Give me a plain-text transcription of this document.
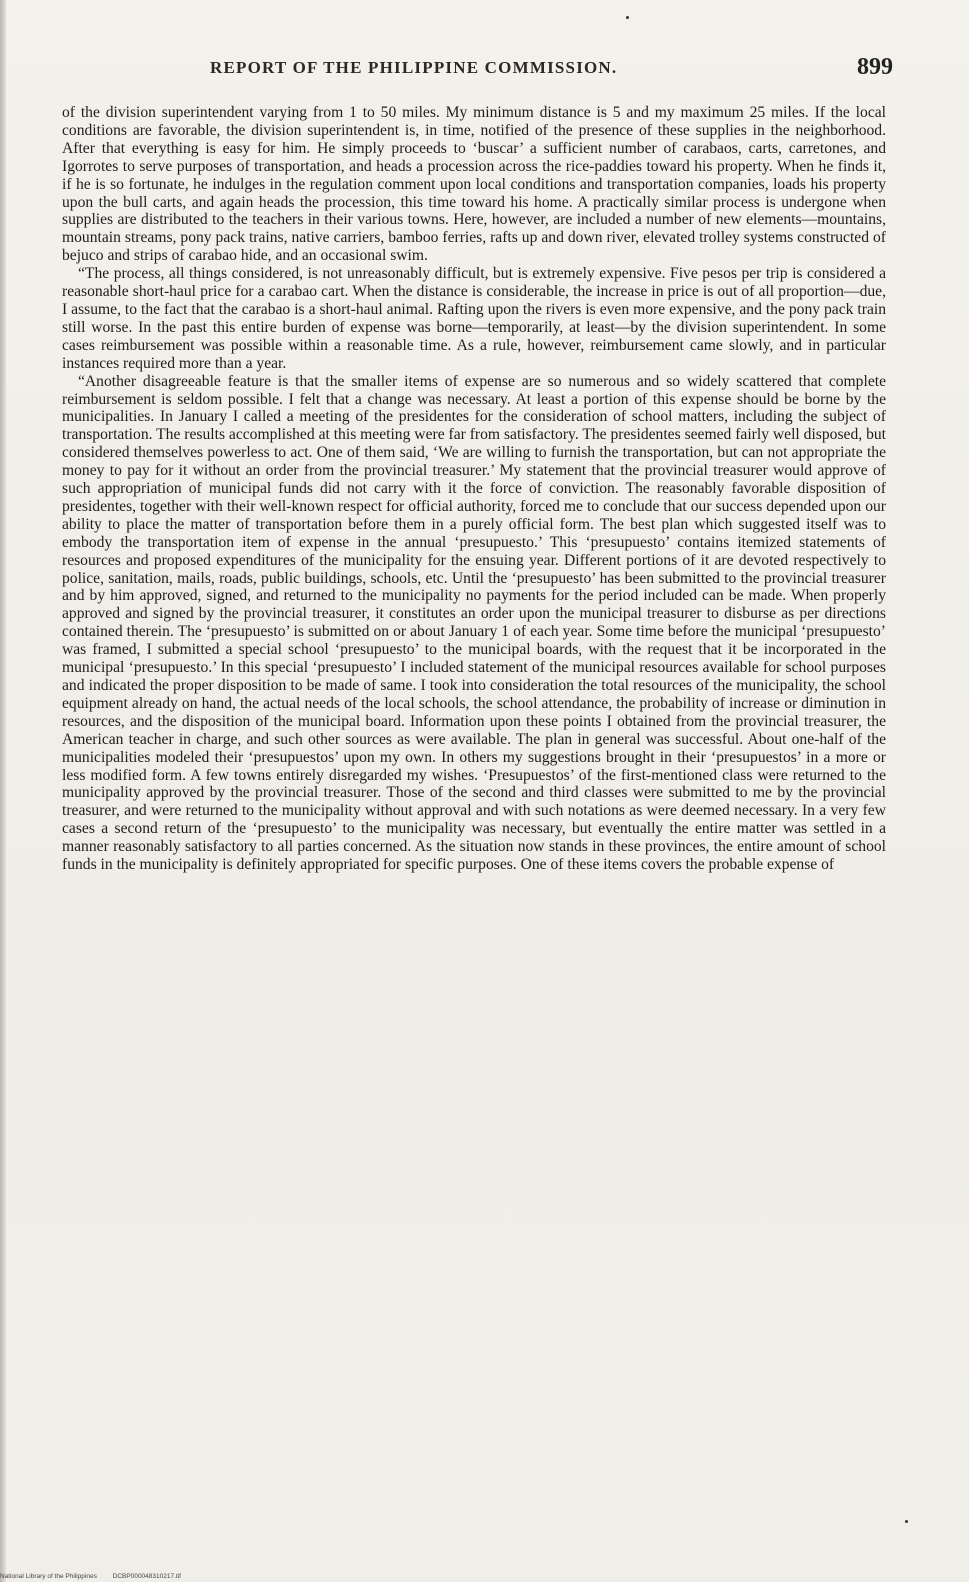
REPORT OF THE PHILIPPINE COMMISSION.	899

of the division superintendent varying from 1 to 50 miles. My minimum distance is 5 and my maximum 25 miles. If the local conditions are favorable, the division superintendent is, in time, notified of the presence of these supplies in the neighborhood. After that everything is easy for him. He simply proceeds to ‘buscar’ a sufficient number of carabaos, carts, carretones, and Igorrotes to serve purposes of transportation, and heads a procession across the rice-paddies toward his property. When he finds it, if he is so fortunate, he indulges in the regulation comment upon local conditions and transportation companies, loads his property upon the bull carts, and again heads the procession, this time toward his home. A practically similar process is undergone when supplies are distributed to the teachers in their various towns. Here, however, are included a number of new elements—mountains, mountain streams, pony pack trains, native carriers, bamboo ferries, rafts up and down river, elevated trolley systems constructed of bejuco and strips of carabao hide, and an occasional swim.

“The process, all things considered, is not unreasonably difficult, but is extremely expensive. Five pesos per trip is considered a reasonable short-haul price for a carabao cart. When the distance is considerable, the increase in price is out of all proportion—due, I assume, to the fact that the carabao is a short-haul animal. Rafting upon the rivers is even more expensive, and the pony pack train still worse. In the past this entire burden of expense was borne—temporarily, at least—by the division superintendent. In some cases reimbursement was possible within a reasonable time. As a rule, however, reimbursement came slowly, and in particular instances required more than a year.

“Another disagreeable feature is that the smaller items of expense are so numerous and so widely scattered that complete reimbursement is seldom possible. I felt that a change was necessary. At least a portion of this expense should be borne by the municipalities. In January I called a meeting of the presidentes for the consideration of school matters, including the subject of transportation. The results accomplished at this meeting were far from satisfactory. The presidentes seemed fairly well disposed, but considered themselves powerless to act. One of them said, ‘We are willing to furnish the transportation, but can not appropriate the money to pay for it without an order from the provincial treasurer.’ My statement that the provincial treasurer would approve of such appropriation of municipal funds did not carry with it the force of conviction. The reasonably favorable disposition of presidentes, together with their well-known respect for official authority, forced me to conclude that our success depended upon our ability to place the matter of transportation before them in a purely official form. The best plan which suggested itself was to embody the transportation item of expense in the annual ‘presupuesto.’ This ‘presupuesto’ contains itemized statements of resources and proposed expenditures of the municipality for the ensuing year. Different portions of it are devoted respectively to police, sanitation, mails, roads, public buildings, schools, etc. Until the ‘presupuesto’ has been submitted to the provincial treasurer and by him approved, signed, and returned to the municipality no payments for the period included can be made. When properly approved and signed by the provincial treasurer, it constitutes an order upon the municipal treasurer to disburse as per directions contained therein. The ‘presupuesto’ is submitted on or about January 1 of each year. Some time before the municipal ‘presupuesto’ was framed, I submitted a special school ‘presupuesto’ to the municipal boards, with the request that it be incorporated in the municipal ‘presupuesto.’ In this special ‘presupuesto’ I included statement of the municipal resources available for school purposes and indicated the proper disposition to be made of same. I took into consideration the total resources of the municipality, the school equipment already on hand, the actual needs of the local schools, the school attendance, the probability of increase or diminution in resources, and the disposition of the municipal board. Information upon these points I obtained from the provincial treasurer, the American teacher in charge, and such other sources as were available. The plan in general was successful. About one-half of the municipalities modeled their ‘presupuestos’ upon my own. In others my suggestions brought in their ‘presupuestos’ in a more or less modified form. A few towns entirely disregarded my wishes. ‘Presupuestos’ of the first-mentioned class were returned to the municipality approved by the provincial treasurer. Those of the second and third classes were submitted to me by the provincial treasurer, and were returned to the municipality without approval and with such notations as were deemed necessary. In a very few cases a second return of the ‘presupuesto’ to the municipality was necessary, but eventually the entire matter was settled in a manner reasonably satisfactory to all parties concerned. As the situation now stands in these provinces, the entire amount of school funds in the municipality is definitely appropriated for specific purposes. One of these items covers the probable expense of

National Library of the Philippines DCBP000048310217.tif
